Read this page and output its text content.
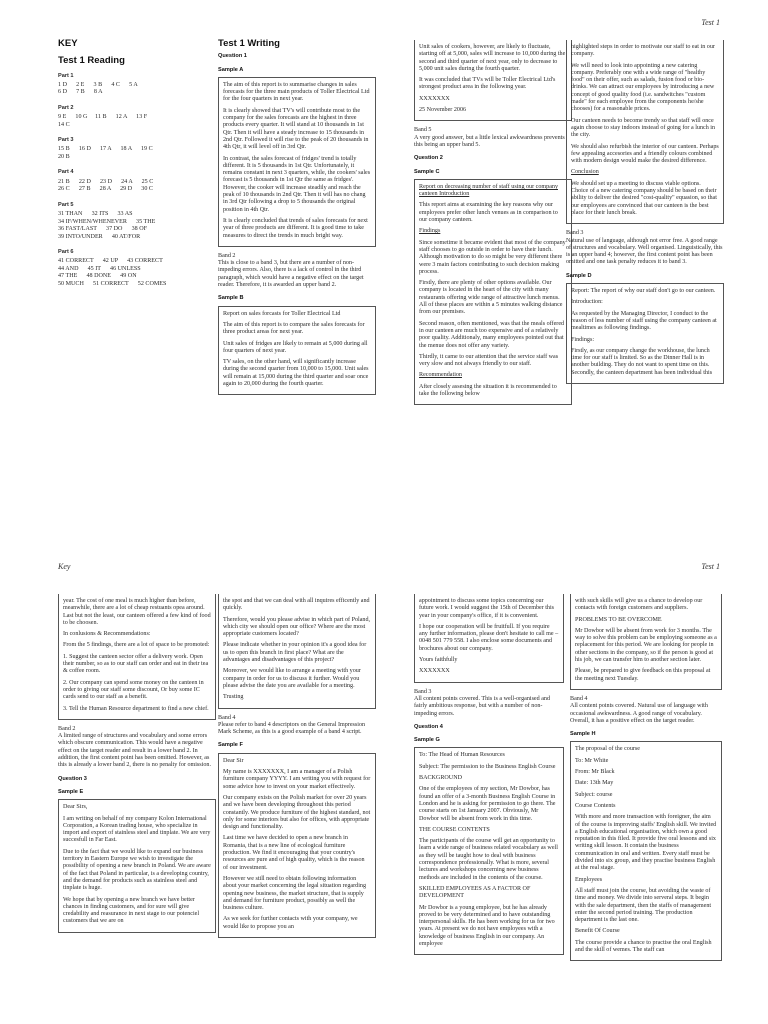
Test 1
KEY
Test 1 Reading
Part 1
1 D      2 E      3 B      4 C      5 A
6 D      7 B      8 A
Part 2
9 E      10 G     11 B      12 A      13 F
14 C
Part 3
15 B      16 D      17 A      18 A      19 C
20 B
Part 4
21 B      22 D      23 D      24 A      25 C
26 C      27 B      28 A      29 D      30 C
Part 5
31 THAN      32 ITS      33 AS
34 IF/WHEN/WHENEVER      35 THE
36 FAST/LAST      37 DO      38 OF
39 INTO/UNDER      40 AT/FOR
Part 6
41 CORRECT      42 UP      43 CORRECT
44 AND      45 IT      46 UNLESS
47 THE      48 DONE      49 ON
50 MUCH      51 CORRECT      52 COMES
Test 1 Writing
Question 1
Sample A

The aim of this report is to summarise changes in sales forecasts for the three main products of Toller Electrical Ltd for the four quarters in next year.

It is clearly showed that TV's will contribute most to the company for the sales forecasts are the highest in three products every quarter. It will stand at 10 thousands in 1st Qtr. Then it will have a steady increase to 15 thousands in 2nd Qtr. Followed it will rise to the peak of 20 thousands in 4th Qtr, it will level off in 3rd Qtr.

In contrast, the sales forecast of fridges' trend is totally different. It is 5 thousands in 1st Qtr. Unfortunately, it remains constant in next 3 quarters, while, the cookers' sales forecast is 5 thousands in 1st Qtr the same as fridges'. However, the cooker will increase steadily and reach the peak of 10 thousands in 2nd Qtr. Then it will has no chang in 3rd Qtr following a drop to 5 thousands the original position in 4th Qtr.

It is clearly concluded that trends of sales forecasts for next year of three products are different. It is good time to take measures to direct the trends in much bright way.

Band 2

This is close to a band 3, but there are a number of non-impeding errors. Also, there is a lack of control in the third paragraph, which would have a negative effect on the target reader. Therefore, it is awarded an upper band 2.

Sample B

Report on sales forcasts for Toller Electrical Ltd

The aim of this report is to compare the sales forecasts for three product areas for next year.

Unit sales of fridges are likely to remain at 5,000 during all four quarters of next year.

TV sales, on the other hand, will significantly increase during the second quarter from 10,000 to 15,000. Unit sales will remain at 15,000 during the third quarter and soar once again to 20,000 during the fourth quarter.

Unit sales of cookers, however, are likely to fluctuate, starting off at 5,000, sales will increase to 10,000 during the second and third quarter of next year, only to decrease to 5,000 unit sales during the fourth quarter.

It was concluded that TVs will be Toller Electrical Ltd's strongest product area in the following year.

XXXXXXX

25 November 2006

Band 5

A very good answer, but a little lexical awkwardness prevents this being an upper band 5.

Question 2
Sample C

Report on decreasing number of staff using our company canteen Introduction

This report aims at examining the key reasons why our employees prefer other lunch venues as in comparison to our company canteen.

Findings

Since sometime it became evident that most of the company staff chooses to go outside in order to have their lunch. Although motivation to do so might be very different there were 3 main factors contributing to such decision making process.

Firstly, there are plenty of other options available. Our company is located in the heart of the city with many restaurants offering wide range of attractive lunch menus. All of these places are within a 5 minutes walking distance from our premises.

Second reason, often mentioned, was that the meals offered in our canteen are much too expensive and of a relatively poor quality. Additionaly, many employees pointed out that the menue does not offer any variety.

Thirdly, it came to our attention that the service staff was very slow and not always friendly to our staff.

Recommendation

After closely assesing the situation it is recommended to take the following below

highlighted steps in order to motivate our staff to eat in our company.

We will need to look into appointing a new catering company. Preferably one with a wide range of "healthy food" on their offer, such as salads, fusion food or bio-drinks. We can attract our employees by introducing a new concept of good quality food (i.e. sandwitches "custom made" for each employee from the components he/she chooses) for a reasonable prices.

Our canteen needs to become trendy so that staff will once again choose to stay indoors instead of going for a lunch in the city.

We should also refurbish the interior of our canteen. Perhaps few appealing accesories and a friendly colours combined with modern design would make the desired difference.

Conclusion

We should set up a meeting to discuss viable options. Choice of a new catering company should be based on their ability to deliver the desired "cost-quality" equasion, so that our employees are convinced that our canteen is the best place for their lunch break.

Band 3

Natural use of language, although not error free. A good range of structures and vocabulary. Well organised. Linguistically, this is an upper band 4; however, the first content point has been omitted and one task penalty reduces it to band 3.

Sample D

Report: The report of why our staff don't go to our canteen.

Introduction:

As requested by the Managing Director, I conduct to the reason of less number of staff using the company canteen at mealtimes as following findings.

Findings:

Firstly, as our company change the workhouse, the lunch time for our staff is limited. So as the Dinner Hall is in another building. They do not want to spent time on this. Secondly, the canteen department has been individual this

Key	Test 1

year. The cost of one meal is much higher than before, meanwhile, there are a lot of cheap restuants opea around. Last but not the least, our canteen offered a few kind of food to be choosen.

In conlusions & Recommendations:

From the 5 findings, there are a lot of space to be promoted:

1. Suggest the canteen sector offer a delivery work. Open their number, so as to our staff can order and eat in their tea & coffee room.

2. Our company can spend some money on the canteen in order to giving our staff some discount, Or buy some IC cards send to our staff as a benefit.

3. Tell the Human Resource department to find a new chief.

Band 2

A limited range of structures and vocabulary and some errors which obscure communication. This would have a negative effect on the target reader and result in a lower band 2. In addition, the first content point has been omitted. However, as this is already a lower band 2, there is no penalty for omission.

Question 3
Sample E

Dear Sirs,

I am writing on behalf of my company Kolon International Corporation, a Korean trading house, who specialize in import and export of stainless steel and tinplate. We are very succesfull in Far East.

Due to the fact that we would like to expand our business territory in Eastern Europe we wish to investigate the possibility of opening a new branch in Poland. We are aware of the fact that Poland in particular, is a developing country, and the demand for products such as stainless steel and tinplate is huge.

We hope that by opening a new branch we have better chances in finding customers, and for sure will give credability and reasurance in next stage to our potenciel customers that we are on

the spot and that we can deal with all inquires efficently and quickly.

Therefore, would you please advise in which part of Poland, which city we should open our office? Where are the most appropriate customers located?

Please indicate whether in your opinion it's a good idea for us to open this branch in first place? What are the advantages and disadvantages of this project?

Moreover, we would like to arrange a meeting with your company in order for us to discuss it further. Would you please advise the date you are available for a meeting.

Trusting

Band 4

Please refer to band 4 descriptors on the General Impression Mark Scheme, as this is a good example of a band 4 script.

Sample F

Dear Sir

My name is XXXXXXX, I am a manager of a Polish furniture company YYYY. I am writing you with request for some advice how to invest on your market effectively.

Our company exists on the Polish market for over 20 years and we have been developing throughout this period constantly. We produce furniture of the highest standard, not only for some interiors but also for offices, with appropriate design and functionality.

Last time we have decided to open a new branch in Romania, that is a new line of ecological furniture production. We find it encouraging that your country's resources are pure and of high quality, which is the reason of our investment.

However we still need to obtain following information about your market concerning the legal situation regarding opening new business, the market structure, that is supply and demand for furniture product, possibly as well the business culture.

As we seek for further contacts with your company, we would like to propose you an

appointment to discuss some topics concerning our future work. I would suggest the 15th of December this year in your company's office, if it is convenient.

I hope our cooperation will be fruitfull. If you require any further information, please don't hesitate to call me – 0048 501 779 558. I also enclose some documents and brochures about our company.

Yours faithfully

XXXXXXX

Band 3

All content points covered. This is a well-organised and fairly ambitious response, but with a number of non-impeding errors.

Question 4
Sample G

To: The Head of Human Resources

Subject: The permission to the Business English Course

BACKGROUND

One of the employees of my section, Mr Dowbor, has found an offer of a 3-month Business English Course in London and he is asking for permission to go there. The course starts on 1st January 2007. Obviously, Mr Dowbor will be absent from work in this time.

THE COURSE CONTENTS

The participants of the course will get an opportunity to learn a wide range of business related vocabulary as well as they will be taught how to deal with business correspondence professionally. What is more, several lectures and workshops concerning new business methods are included in the contents of the course.

SKILLED EMPLOYEES AS A FACTOR OF DEVELOPMENT

Mr Dowbor is a young employee, but he has already proved to be very determined and to have outstanding interpersonal skills. He has been working for us for two years. At present we do not have employees with a knowledge of business English in our company. An employee

with such skills will give us a chance to develop our contacts with foreign customers and suppliers.

PROBLEMS TO BE OVERCOME

Mr Dowbor will be absent from work for 3 months. The way to solve this problem can be employing someone as a replacement for this period. We are looking for people in other sections in the company, so if the person is good at his job, we can transfer him to another section later.

Please, be prepared to give feedback on this proposal at the meeting next Tuesday.

Band 4

All content points covered. Natural use of language with occasional awkwardness. A good range of vocabulary. Overall, it has a positive effect on the target reader.

Sample H

The proposal of the course

To: Mr White

From: Mr Black

Date: 13th May

Subject: course

Course Contents

With more and more transaction with foreigner, the aim of the course is improving staffs' English skill. We invited a English educational organisation, which own a good reputation in this filed. It provide five oral lessons and six writing skill lesson. It contain the business communication in oral and written. Every staff must be divided into six group, and they practise business English at the real stage.

Employees

All staff must join the course, but avoiding the waste of time and money. We divide into serveral steps. It begin with the sale department, then the staffs of management enter the second period training. The production department is the last one.

Benefit Of Course

The course provide a chance to practise the oral English and the skill of wemes. The staff can
